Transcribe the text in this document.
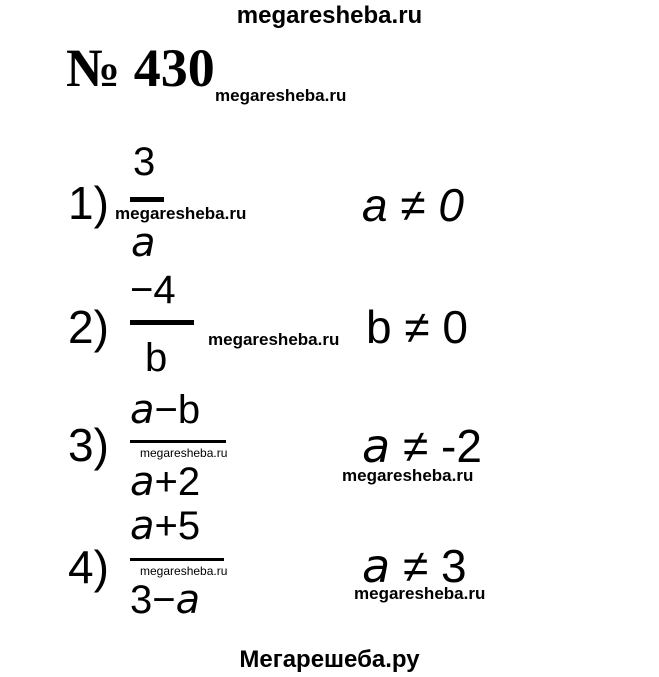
megaresheba.ru
Мегарешеба.ру
№ 430 megaresheba.ru
1)
3
a
megaresheba.ru	a ≠ 0
2)
−4
b megaresheba.ru b ≠ 0
3)
a−b
megaresheba.ru
a+2
a ≠ -2
megaresheba.ru
4)
a+5
megaresheba.ru
3−a
a ≠ 3
megaresheba.ru
